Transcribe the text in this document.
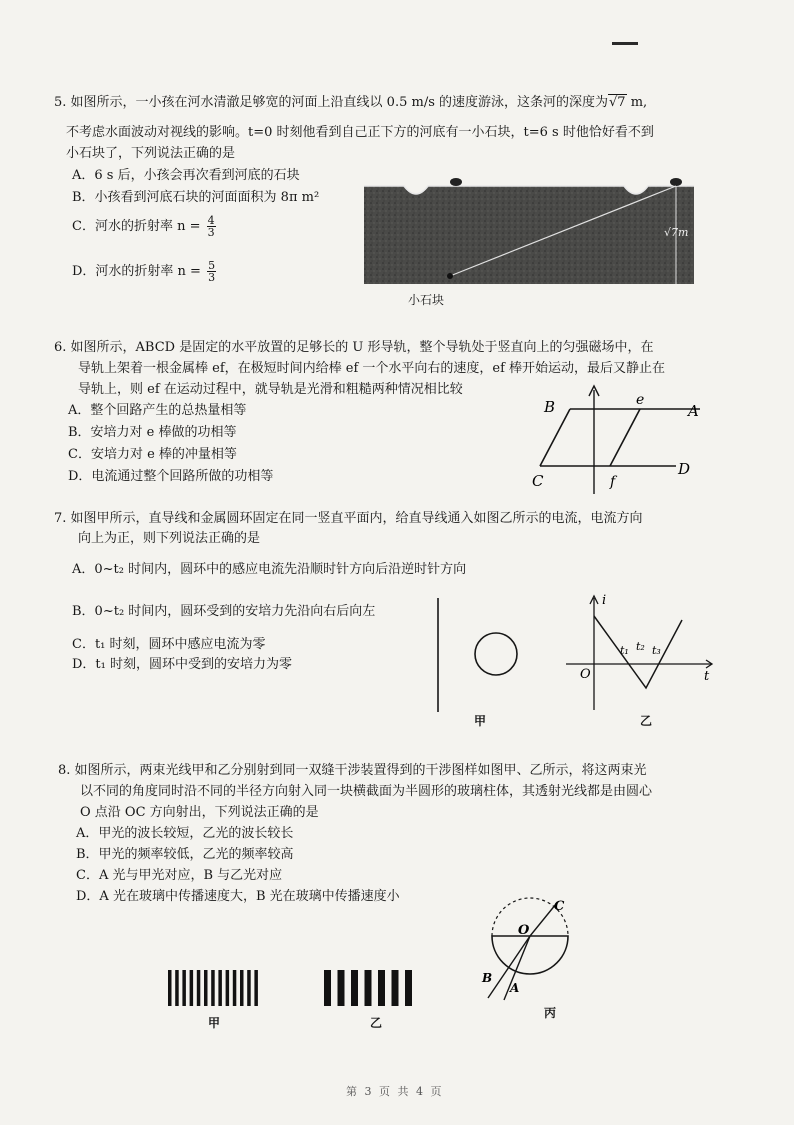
5. 如图所示，一小孩在河水清澈足够宽的河面上沿直线以 0.5 m/s 的速度游泳，这条河的深度为√7 m,
不考虑水面波动对视线的影响。t=0 时刻他看到自己正下方的河底有一小石块，t=6 s 时他恰好看不到
小石块了，下列说法正确的是
A．6 s 后，小孩会再次看到河底的石块
B．小孩看到河底石块的河面面积为 8π m²
C．河水的折射率 $n = \frac{4}{3}$
D．河水的折射率 $n = \frac{5}{3}$
√7m
小石块
6. 如图所示，ABCD 是固定的水平放置的足够长的 U 形导轨，整个导轨处于竖直向上的匀强磁场中，在
导轨上架着一根金属棒 ef，在极短时间内给棒 ef 一个水平向右的速度，ef 棒开始运动，最后又静止在
导轨上，则 ef 在运动过程中，就导轨是光滑和粗糙两种情况相比较
A．整个回路产生的总热量相等
B．安培力对 e 棒做的功相等
C．安培力对 e 棒的冲量相等
D．电流通过整个回路所做的功相等
B	e
A
C	f
D
7. 如图甲所示，直导线和金属圆环固定在同一竖直平面内，给直导线通入如图乙所示的电流，电流方向
向上为正，则下列说法正确的是
A．0~t₂ 时间内，圆环中的感应电流先沿顺时针方向后沿逆时针方向
B．0~t₂ 时间内，圆环受到的安培力先沿向右后向左
C．t₁ 时刻，圆环中感应电流为零
D．t₁ 时刻，圆环中受到的安培力为零
甲
i
t
O
t₁ t₂ t₃
乙
8. 如图所示，两束光线甲和乙分别射到同一双缝干涉装置得到的干涉图样如图甲、乙所示，将这两束光
以不同的角度同时沿不同的半径方向射入同一块横截面为半圆形的玻璃柱体，其透射光线都是由圆心
O 点沿 OC 方向射出，下列说法正确的是
A．甲光的波长较短，乙光的波长较长
B．甲光的频率较低，乙光的频率较高
C．A 光与甲光对应，B 与乙光对应
D．A 光在玻璃中传播速度大，B 光在玻璃中传播速度小
甲	乙
O
C
B
A
丙
第 3 页 共 4 页
